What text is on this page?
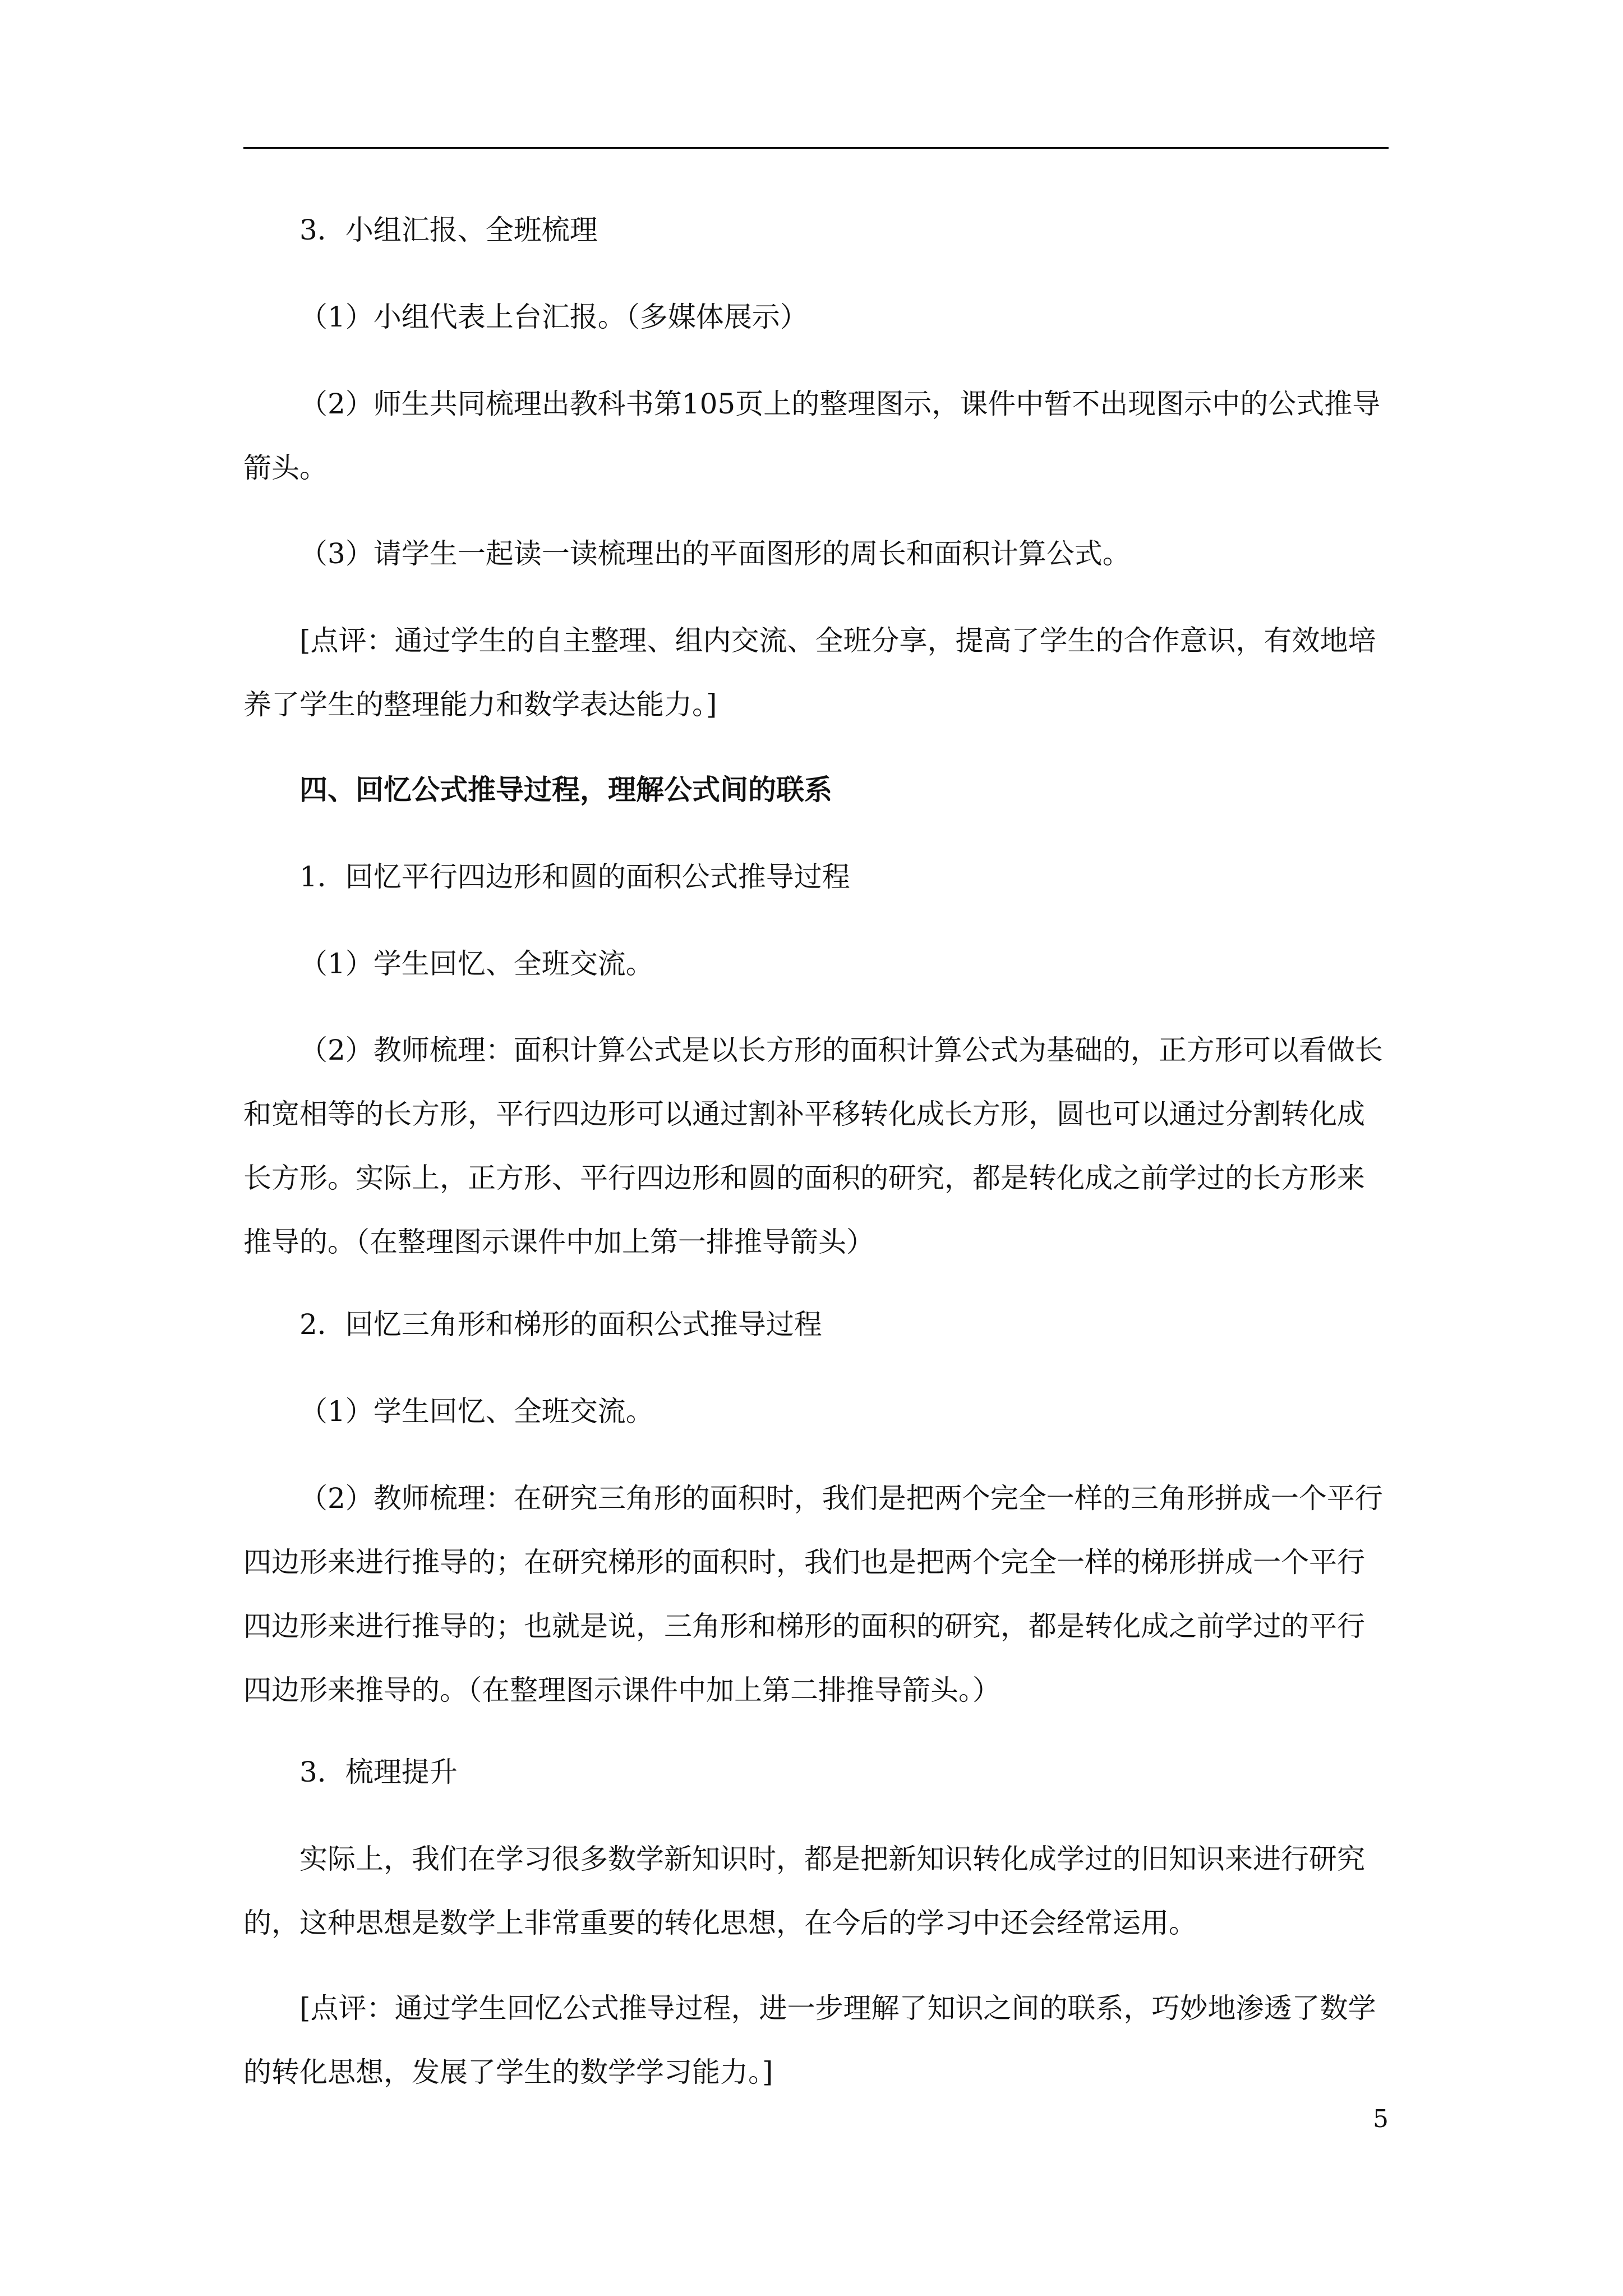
3．小组汇报、全班梳理
（1）小组代表上台汇报。（多媒体展示）
（2）师生共同梳理出教科书第105页上的整理图示，课件中暂不出现图示中的公式推导箭头。
（3）请学生一起读一读梳理出的平面图形的周长和面积计算公式。
[点评：通过学生的自主整理、组内交流、全班分享，提高了学生的合作意识，有效地培养了学生的整理能力和数学表达能力。]
四、回忆公式推导过程，理解公式间的联系
1．回忆平行四边形和圆的面积公式推导过程
（1）学生回忆、全班交流。
（2）教师梳理：面积计算公式是以长方形的面积计算公式为基础的，正方形可以看做长和宽相等的长方形，平行四边形可以通过割补平移转化成长方形，圆也可以通过分割转化成长方形。实际上，正方形、平行四边形和圆的面积的研究，都是转化成之前学过的长方形来推导的。（在整理图示课件中加上第一排推导箭头）
2．回忆三角形和梯形的面积公式推导过程
（1）学生回忆、全班交流。
（2）教师梳理：在研究三角形的面积时，我们是把两个完全一样的三角形拼成一个平行四边形来进行推导的；在研究梯形的面积时，我们也是把两个完全一样的梯形拼成一个平行四边形来进行推导的；也就是说，三角形和梯形的面积的研究，都是转化成之前学过的平行四边形来推导的。（在整理图示课件中加上第二排推导箭头。）
3．梳理提升
实际上，我们在学习很多数学新知识时，都是把新知识转化成学过的旧知识来进行研究的，这种思想是数学上非常重要的转化思想，在今后的学习中还会经常运用。
[点评：通过学生回忆公式推导过程，进一步理解了知识之间的联系，巧妙地渗透了数学的转化思想，发展了学生的数学学习能力。]
5
